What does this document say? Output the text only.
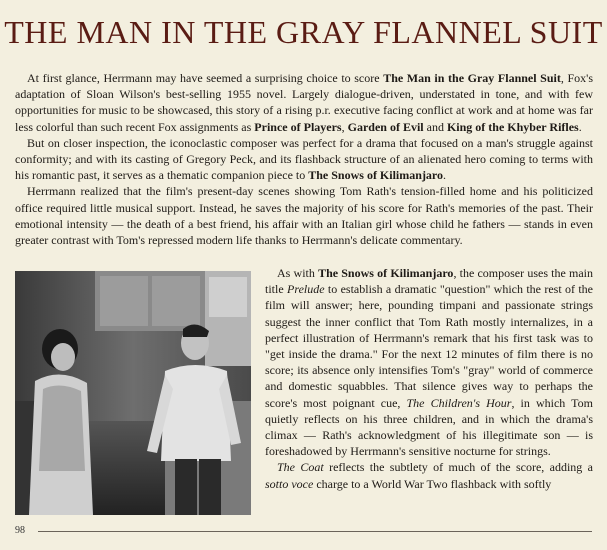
THE MAN IN THE GRAY FLANNEL SUIT

At first glance, Herrmann may have seemed a surprising choice to score The Man in the Gray Flannel Suit, Fox's adaptation of Sloan Wilson's best-selling 1955 novel. Largely dialogue-driven, understated in tone, and with few opportunities for music to be showcased, this story of a rising p.r. executive facing conflict at work and at home was far less colorful than such recent Fox assignments as Prince of Players, Garden of Evil and King of the Khyber Rifles.

But on closer inspection, the iconoclastic composer was perfect for a drama that focused on a man's struggle against conformity; and with its casting of Gregory Peck, and its flashback structure of an alienated hero coming to terms with his romantic past, it serves as a thematic companion piece to The Snows of Kilimanjaro.

Herrmann realized that the film's present-day scenes showing Tom Rath's tension-filled home and his politicized office required little musical support. Instead, he saves the majority of his score for Rath's memories of the past. Their emotional intensity — the death of a best friend, his affair with an Italian girl whose child he fathers — stands in even greater contrast with Tom's repressed modern life thanks to Herrmann's delicate commentary.

As with The Snows of Kilimanjaro, the composer uses the main title Prelude to establish a dramatic "question" which the rest of the film will answer; here, pounding timpani and passionate strings suggest the inner conflict that Tom Rath mostly internalizes, in a perfect illustration of Herrmann's remark that his first task was to "get inside the drama." For the next 12 minutes of film there is no score; its absence only intensifies Tom's "gray" world of commerce and domestic squabbles. That silence gives way to perhaps the score's most poignant cue, The Children's Hour, in which Tom quietly reflects on his three children, and in which the drama's climax — Rath's acknowledgment of his illegitimate son — is foreshadowed by Herrmann's sensitive nocturne for strings.

The Coat reflects the subtlety of much of the score, adding a sotto voce charge to a World War Two flashback with softly

98
